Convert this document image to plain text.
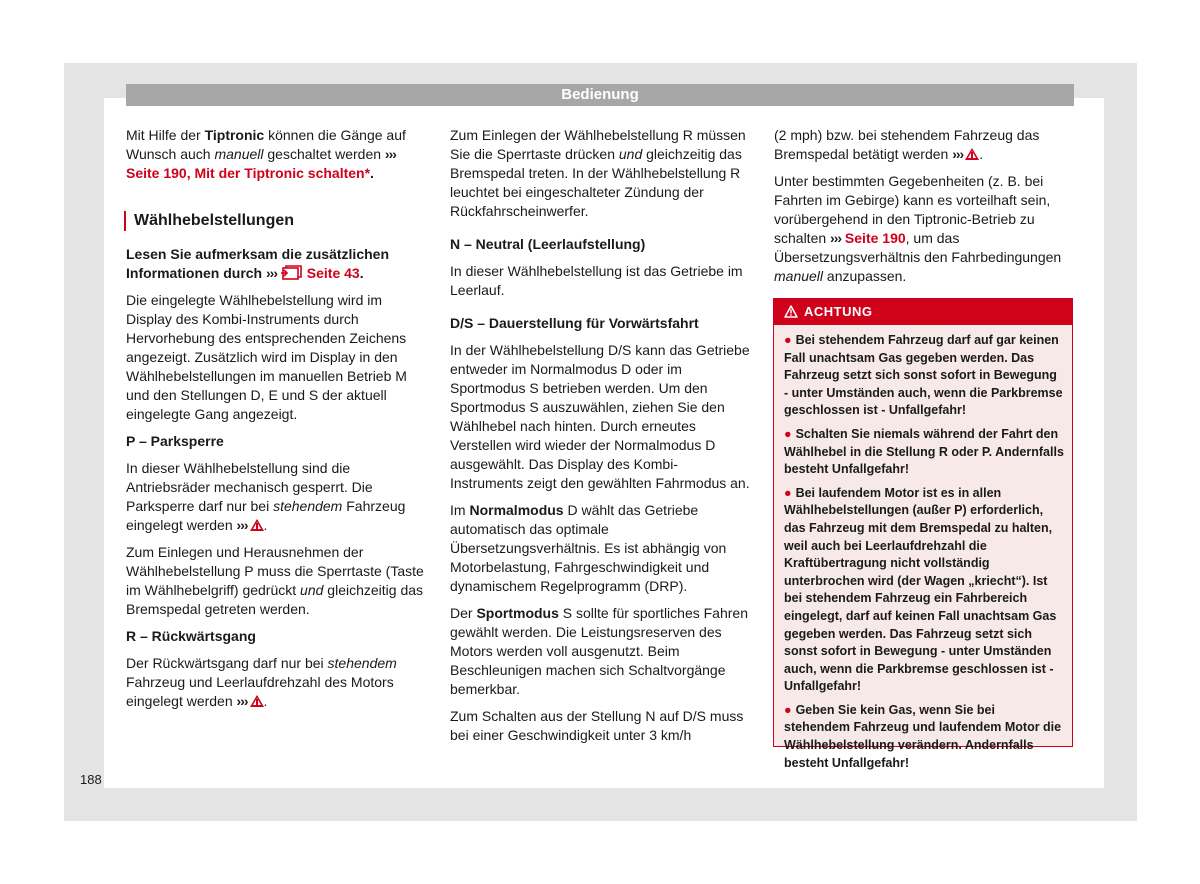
Bedienung

Mit Hilfe der Tiptronic können die Gänge auf Wunsch auch manuell geschaltet werden ››› Seite 190, Mit der Tiptronic schalten*.

Wählhebelstellungen

Lesen Sie aufmerksam die zusätzlichen Informationen durch ›››  Seite 43.

Die eingelegte Wählhebelstellung wird im Display des Kombi-Instruments durch Hervorhebung des entsprechenden Zeichens angezeigt. Zusätzlich wird im Display in den Wählhebelstellungen im manuellen Betrieb M und den Stellungen D, E und S der aktuell eingelegte Gang angezeigt.

P – Parksperre

In dieser Wählhebelstellung sind die Antriebsräder mechanisch gesperrt. Die Parksperre darf nur bei stehendem Fahrzeug eingelegt werden ››› .

Zum Einlegen und Herausnehmen der Wählhebelstellung P muss die Sperrtaste (Taste im Wählhebelgriff) gedrückt und gleichzeitig das Bremspedal getreten werden.

R – Rückwärtsgang

Der Rückwärtsgang darf nur bei stehendem Fahrzeug und Leerlaufdrehzahl des Motors eingelegt werden ››› .

Zum Einlegen der Wählhebelstellung R müssen Sie die Sperrtaste drücken und gleichzeitig das Bremspedal treten. In der Wählhebelstellung R leuchtet bei eingeschalteter Zündung der Rückfahrscheinwerfer.

N – Neutral (Leerlaufstellung)

In dieser Wählhebelstellung ist das Getriebe im Leerlauf.

D/S – Dauerstellung für Vorwärtsfahrt

In der Wählhebelstellung D/S kann das Getriebe entweder im Normalmodus D oder im Sportmodus S betrieben werden. Um den Sportmodus S auszuwählen, ziehen Sie den Wählhebel nach hinten. Durch erneutes Verstellen wird wieder der Normalmodus D ausgewählt. Das Display des Kombi-Instruments zeigt den gewählten Fahrmodus an.

Im Normalmodus D wählt das Getriebe automatisch das optimale Übersetzungsverhältnis. Es ist abhängig von Motorbelastung, Fahrgeschwindigkeit und dynamischem Regelprogramm (DRP).

Der Sportmodus S sollte für sportliches Fahren gewählt werden. Die Leistungsreserven des Motors werden voll ausgenutzt. Beim Beschleunigen machen sich Schaltvorgänge bemerkbar.

Zum Schalten aus der Stellung N auf D/S muss bei einer Geschwindigkeit unter 3 km/h

(2 mph) bzw. bei stehendem Fahrzeug das Bremspedal betätigt werden ››› .

Unter bestimmten Gegebenheiten (z. B. bei Fahrten im Gebirge) kann es vorteilhaft sein, vorübergehend in den Tiptronic-Betrieb zu schalten ››› Seite 190, um das Übersetzungsverhältnis den Fahrbedingungen manuell anzupassen.

ACHTUNG

● Bei stehendem Fahrzeug darf auf gar keinen Fall unachtsam Gas gegeben werden. Das Fahrzeug setzt sich sonst sofort in Bewegung - unter Umständen auch, wenn die Parkbremse geschlossen ist - Unfallgefahr!

● Schalten Sie niemals während der Fahrt den Wählhebel in die Stellung R oder P. Andernfalls besteht Unfallgefahr!

● Bei laufendem Motor ist es in allen Wählhebelstellungen (außer P) erforderlich, das Fahrzeug mit dem Bremspedal zu halten, weil auch bei Leerlaufdrehzahl die Kraftübertragung nicht vollständig unterbrochen wird (der Wagen „kriecht“). Ist bei stehendem Fahrzeug ein Fahrbereich eingelegt, darf auf keinen Fall unachtsam Gas gegeben werden. Das Fahrzeug setzt sich sonst sofort in Bewegung - unter Umständen auch, wenn die Parkbremse geschlossen ist - Unfallgefahr!

● Geben Sie kein Gas, wenn Sie bei stehendem Fahrzeug und laufendem Motor die Wählhebelstellung verändern. Andernfalls besteht Unfallgefahr!

188
